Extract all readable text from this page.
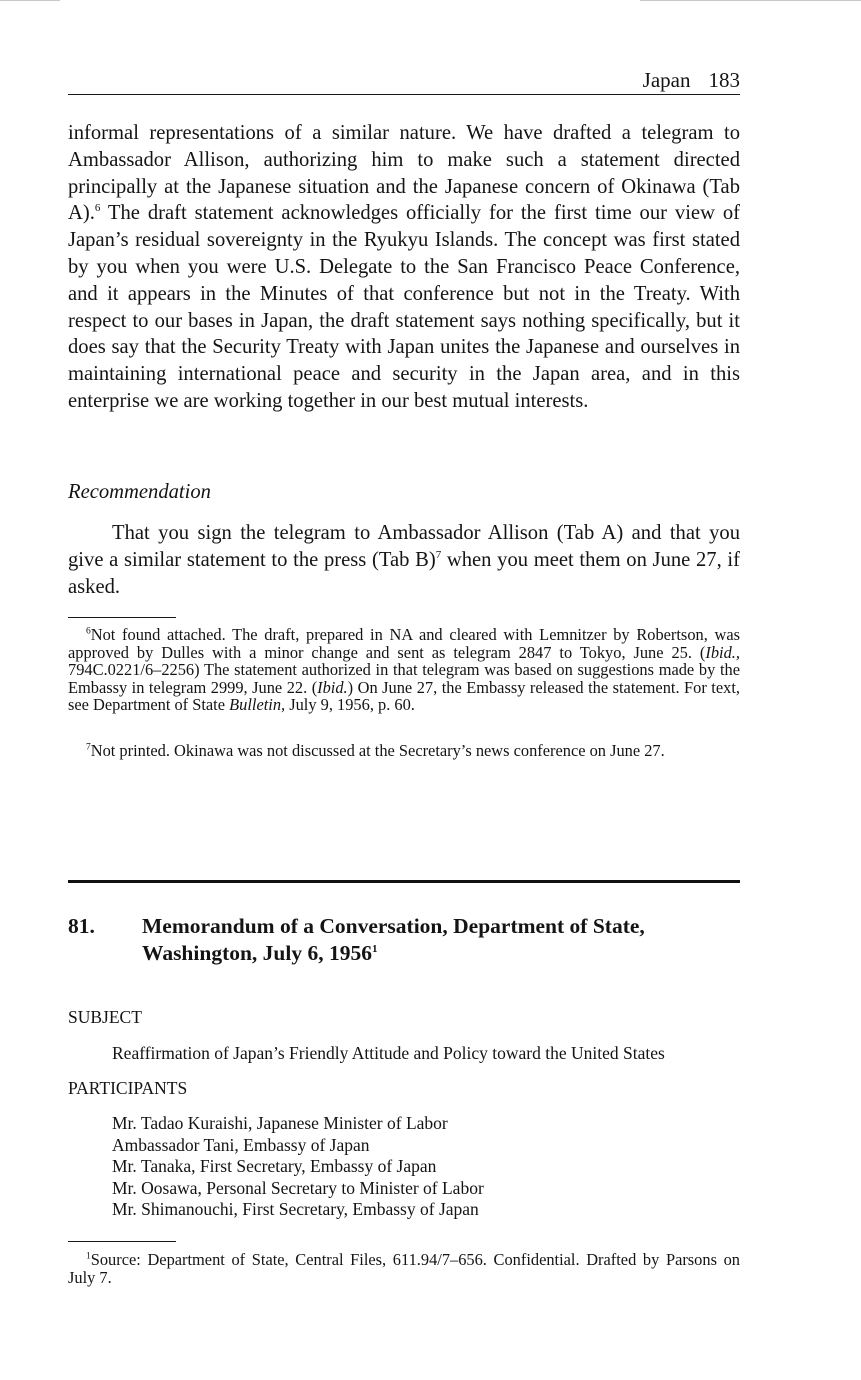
Japan 183

informal representations of a similar nature. We have drafted a telegram to Ambassador Allison, authorizing him to make such a statement directed principally at the Japanese situation and the Japanese concern of Okinawa (Tab A).$^6$ The draft statement acknowledges officially for the first time our view of Japan’s residual sovereignty in the Ryukyu Islands. The concept was first stated by you when you were U.S. Delegate to the San Francisco Peace Conference, and it appears in the Minutes of that conference but not in the Treaty. With respect to our bases in Japan, the draft statement says nothing specifically, but it does say that the Security Treaty with Japan unites the Japanese and ourselves in maintaining international peace and security in the Japan area, and in this enterprise we are working together in our best mutual interests.

Recommendation

That you sign the telegram to Ambassador Allison (Tab A) and that you give a similar statement to the press (Tab B)$^7$ when you meet them on June 27, if asked.

$^6$Not found attached. The draft, prepared in NA and cleared with Lemnitzer by Robertson, was approved by Dulles with a minor change and sent as telegram 2847 to Tokyo, June 25. (Ibid., 794C.0221/6–2256) The statement authorized in that telegram was based on suggestions made by the Embassy in telegram 2999, June 22. (Ibid.) On June 27, the Embassy released the statement. For text, see Department of State Bulletin, July 9, 1956, p. 60.

$^7$Not printed. Okinawa was not discussed at the Secretary’s news conference on June 27.

81. Memorandum of a Conversation, Department of State, Washington, July 6, 1956$^1$

SUBJECT

Reaffirmation of Japan’s Friendly Attitude and Policy toward the United States

PARTICIPANTS

Mr. Tadao Kuraishi, Japanese Minister of Labor
Ambassador Tani, Embassy of Japan
Mr. Tanaka, First Secretary, Embassy of Japan
Mr. Oosawa, Personal Secretary to Minister of Labor
Mr. Shimanouchi, First Secretary, Embassy of Japan

$^1$Source: Department of State, Central Files, 611.94/7–656. Confidential. Drafted by Parsons on July 7.
